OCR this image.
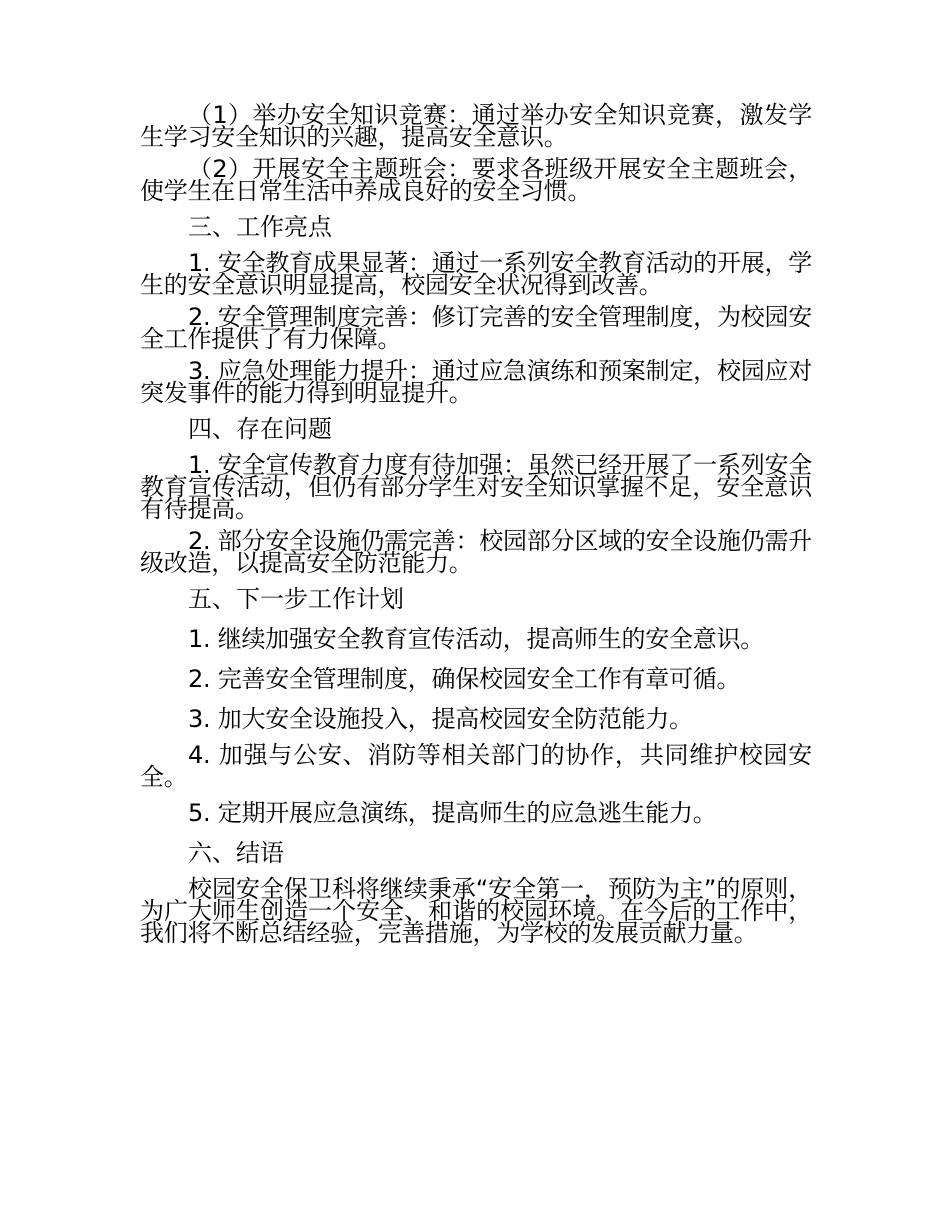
（1）举办安全知识竞赛：通过举办安全知识竞赛，激发学生学习安全知识的兴趣，提高安全意识。

（2）开展安全主题班会：要求各班级开展安全主题班会，使学生在日常生活中养成良好的安全习惯。

三、工作亮点

1. 安全教育成果显著：通过一系列安全教育活动的开展，学生的安全意识明显提高，校园安全状况得到改善。

2. 安全管理制度完善：修订完善的安全管理制度，为校园安全工作提供了有力保障。

3. 应急处理能力提升：通过应急演练和预案制定，校园应对突发事件的能力得到明显提升。

四、存在问题

1. 安全宣传教育力度有待加强：虽然已经开展了一系列安全教育宣传活动，但仍有部分学生对安全知识掌握不足，安全意识有待提高。

2. 部分安全设施仍需完善：校园部分区域的安全设施仍需升级改造，以提高安全防范能力。

五、下一步工作计划

1. 继续加强安全教育宣传活动，提高师生的安全意识。

2. 完善安全管理制度，确保校园安全工作有章可循。

3. 加大安全设施投入，提高校园安全防范能力。

4. 加强与公安、消防等相关部门的协作，共同维护校园安全。

5. 定期开展应急演练，提高师生的应急逃生能力。

六、结语

校园安全保卫科将继续秉承“安全第一，预防为主”的原则，为广大师生创造一个安全、和谐的校园环境。在今后的工作中，我们将不断总结经验，完善措施，为学校的发展贡献力量。
